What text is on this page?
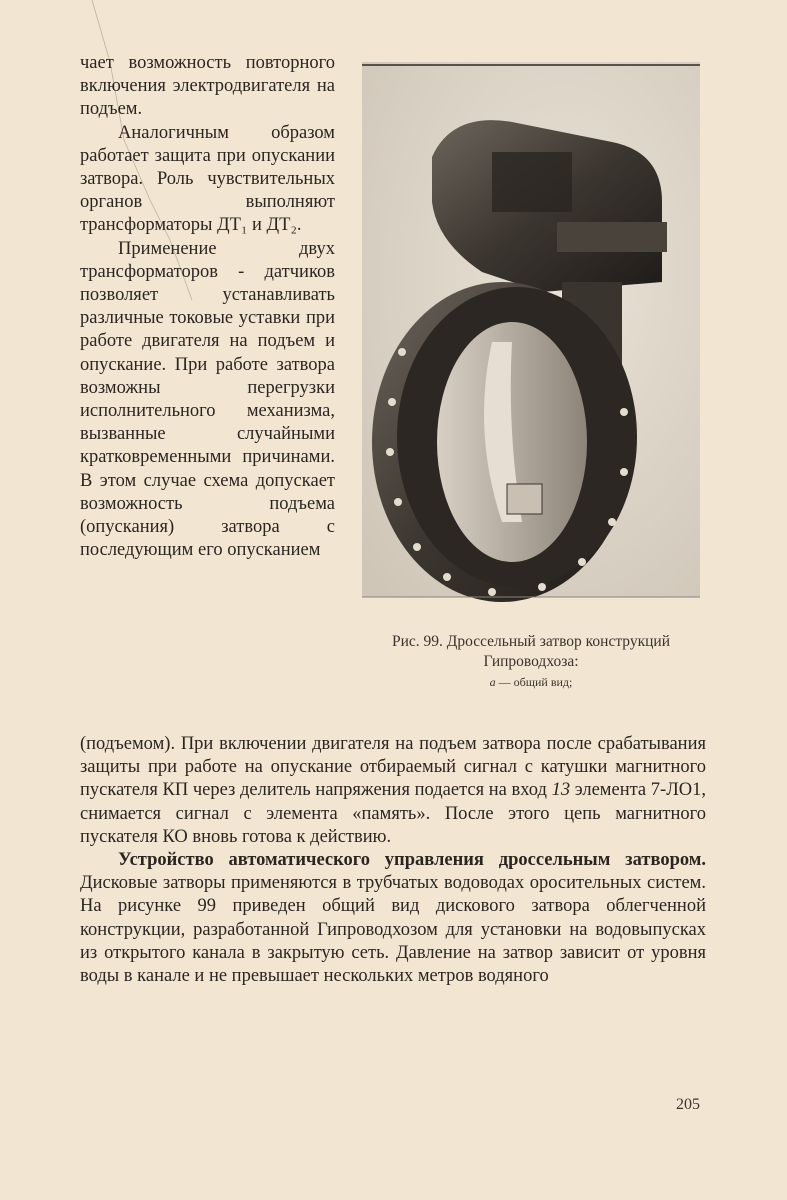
чает возможность повторного включения электродвигателя на подъем.

Аналогичным образом работает защита при опускании затвора. Роль чувствительных органов выполняют трансформаторы ДТ₁ и ДТ₂.

Применение двух трансформаторов - датчиков позволяет устанавливать различные токовые уставки при работе двигателя на подъем и опускание. При работе затвора возможны перегрузки исполнительного механизма, вызванные случайными кратковременными причинами. В этом случае схема допускает возможность подъема (опускания) затвора с последующим его опусканием

Рис. 99. Дроссельный затвор конструкций Гипроводхоза:
а — общий вид;

(подъемом). При включении двигателя на подъем затвора после срабатывания защиты при работе на опускание отбираемый сигнал с катушки магнитного пускателя КП через делитель напряжения подается на вход 13 элемента 7-ЛО1, снимается сигнал с элемента «память». После этого цепь магнитного пускателя КО вновь готова к действию.

Устройство автоматического управления дроссельным затвором. Дисковые затворы применяются в трубчатых водоводах оросительных систем. На рисунке 99 приведен общий вид дискового затвора облегченной конструкции, разработанной Гипроводхозом для установки на водовыпусках из открытого канала в закрытую сеть. Давление на затвор зависит от уровня воды в канале и не превышает нескольких метров водяного

205
